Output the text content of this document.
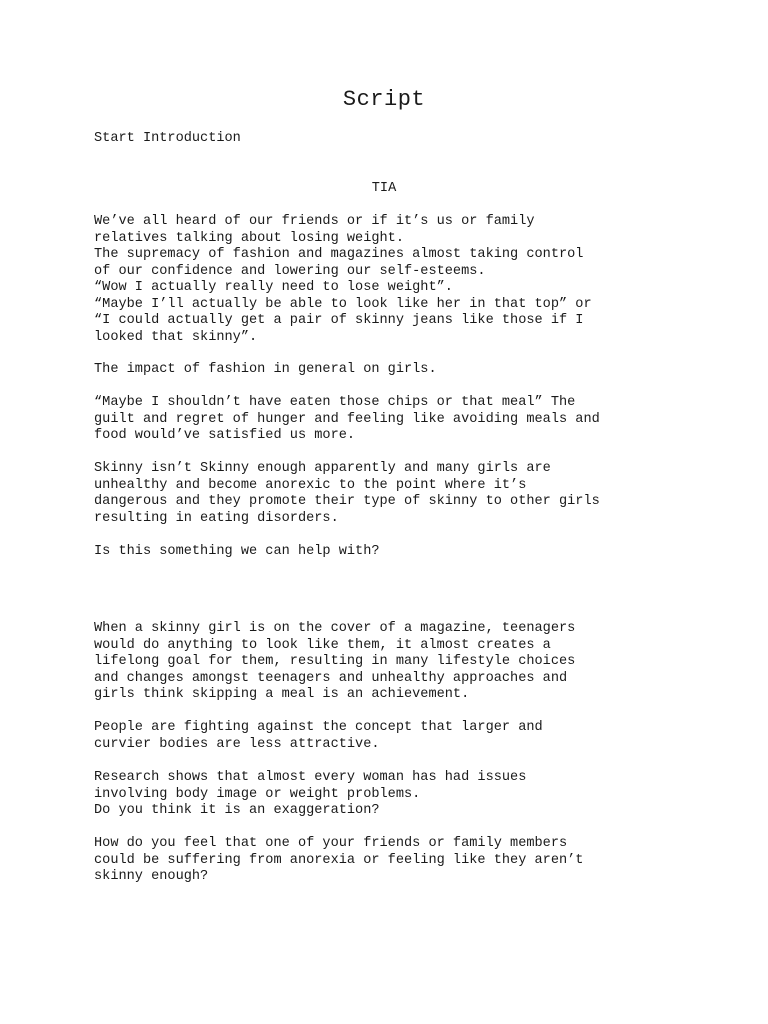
Script
Start Introduction
TIA
We’ve all heard of our friends or if it’s us or family
relatives talking about losing weight.
The supremacy of fashion and magazines almost taking control
of our confidence and lowering our self-esteems.
“Wow I actually really need to lose weight”.
“Maybe I’ll actually be able to look like her in that top” or
“I could actually get a pair of skinny jeans like those if I
looked that skinny”.
The impact of fashion in general on girls.
“Maybe I shouldn’t have eaten those chips or that meal” The
guilt and regret of hunger and feeling like avoiding meals and
food would’ve satisfied us more.
Skinny isn’t Skinny enough apparently and many girls are
unhealthy and become anorexic to the point where it’s
dangerous and they promote their type of skinny to other girls
resulting in eating disorders.
Is this something we can help with?
When a skinny girl is on the cover of a magazine, teenagers
would do anything to look like them, it almost creates a
lifelong goal for them, resulting in many lifestyle choices
and changes amongst teenagers and unhealthy approaches and
girls think skipping a meal is an achievement.
People are fighting against the concept that larger and
curvier bodies are less attractive.
Research shows that almost every woman has had issues
involving body image or weight problems.
Do you think it is an exaggeration?
How do you feel that one of your friends or family members
could be suffering from anorexia or feeling like they aren’t
skinny enough?
